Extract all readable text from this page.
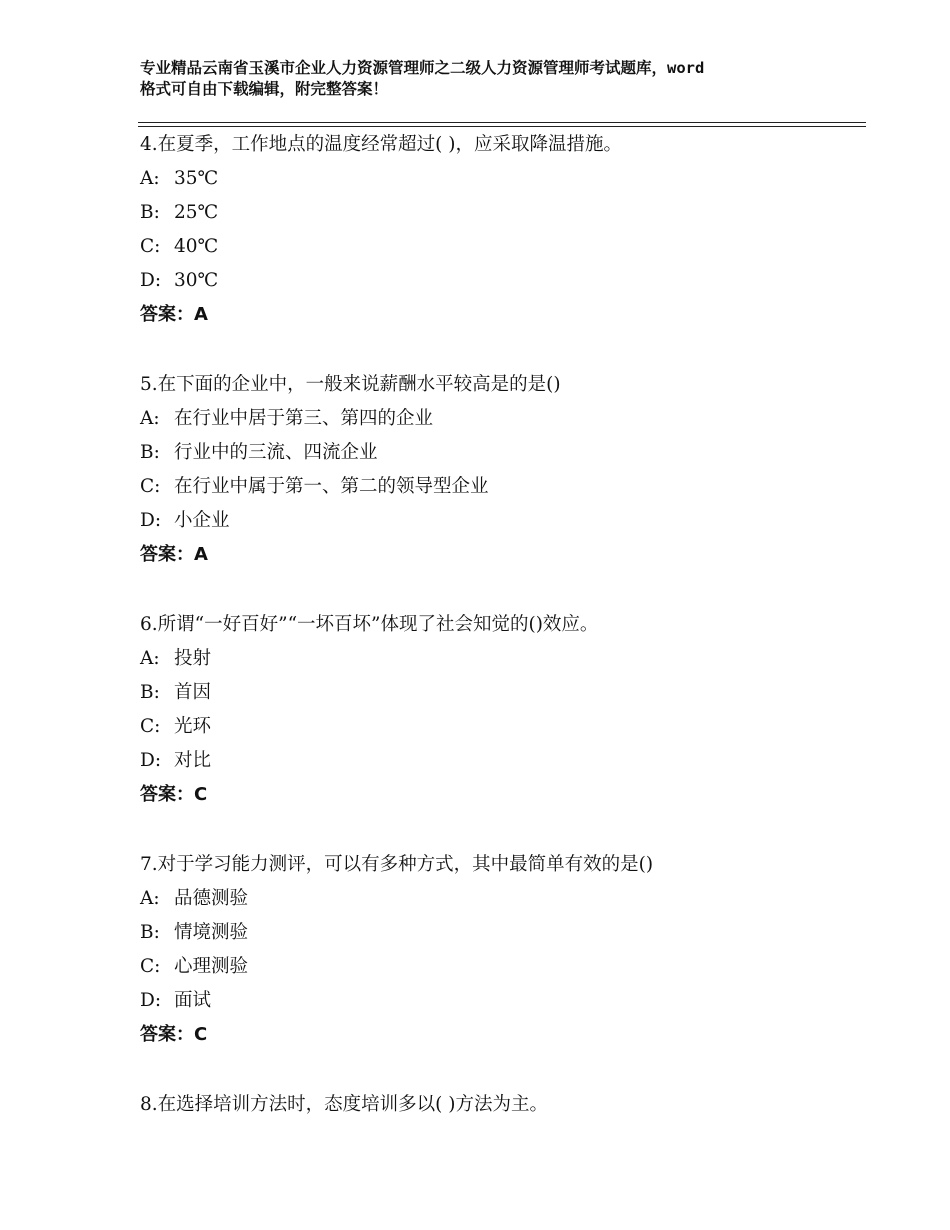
专业精品云南省玉溪市企业人力资源管理师之二级人力资源管理师考试题库，word
格式可自由下载编辑，附完整答案！
4.在夏季，工作地点的温度经常超过( )，应采取降温措施。
A: 35℃
B: 25℃
C: 40℃
D: 30℃
答案：A
5.在下面的企业中，一般来说薪酬水平较高是的是()
A: 在行业中居于第三、第四的企业
B: 行业中的三流、四流企业
C: 在行业中属于第一、第二的领导型企业
D: 小企业
答案：A
6.所谓“一好百好”“一坏百坏”体现了社会知觉的()效应。
A: 投射
B: 首因
C: 光环
D: 对比
答案：C
7.对于学习能力测评，可以有多种方式，其中最简单有效的是()
A: 品德测验
B: 情境测验
C: 心理测验
D: 面试
答案：C
8.在选择培训方法时，态度培训多以( )方法为主。
